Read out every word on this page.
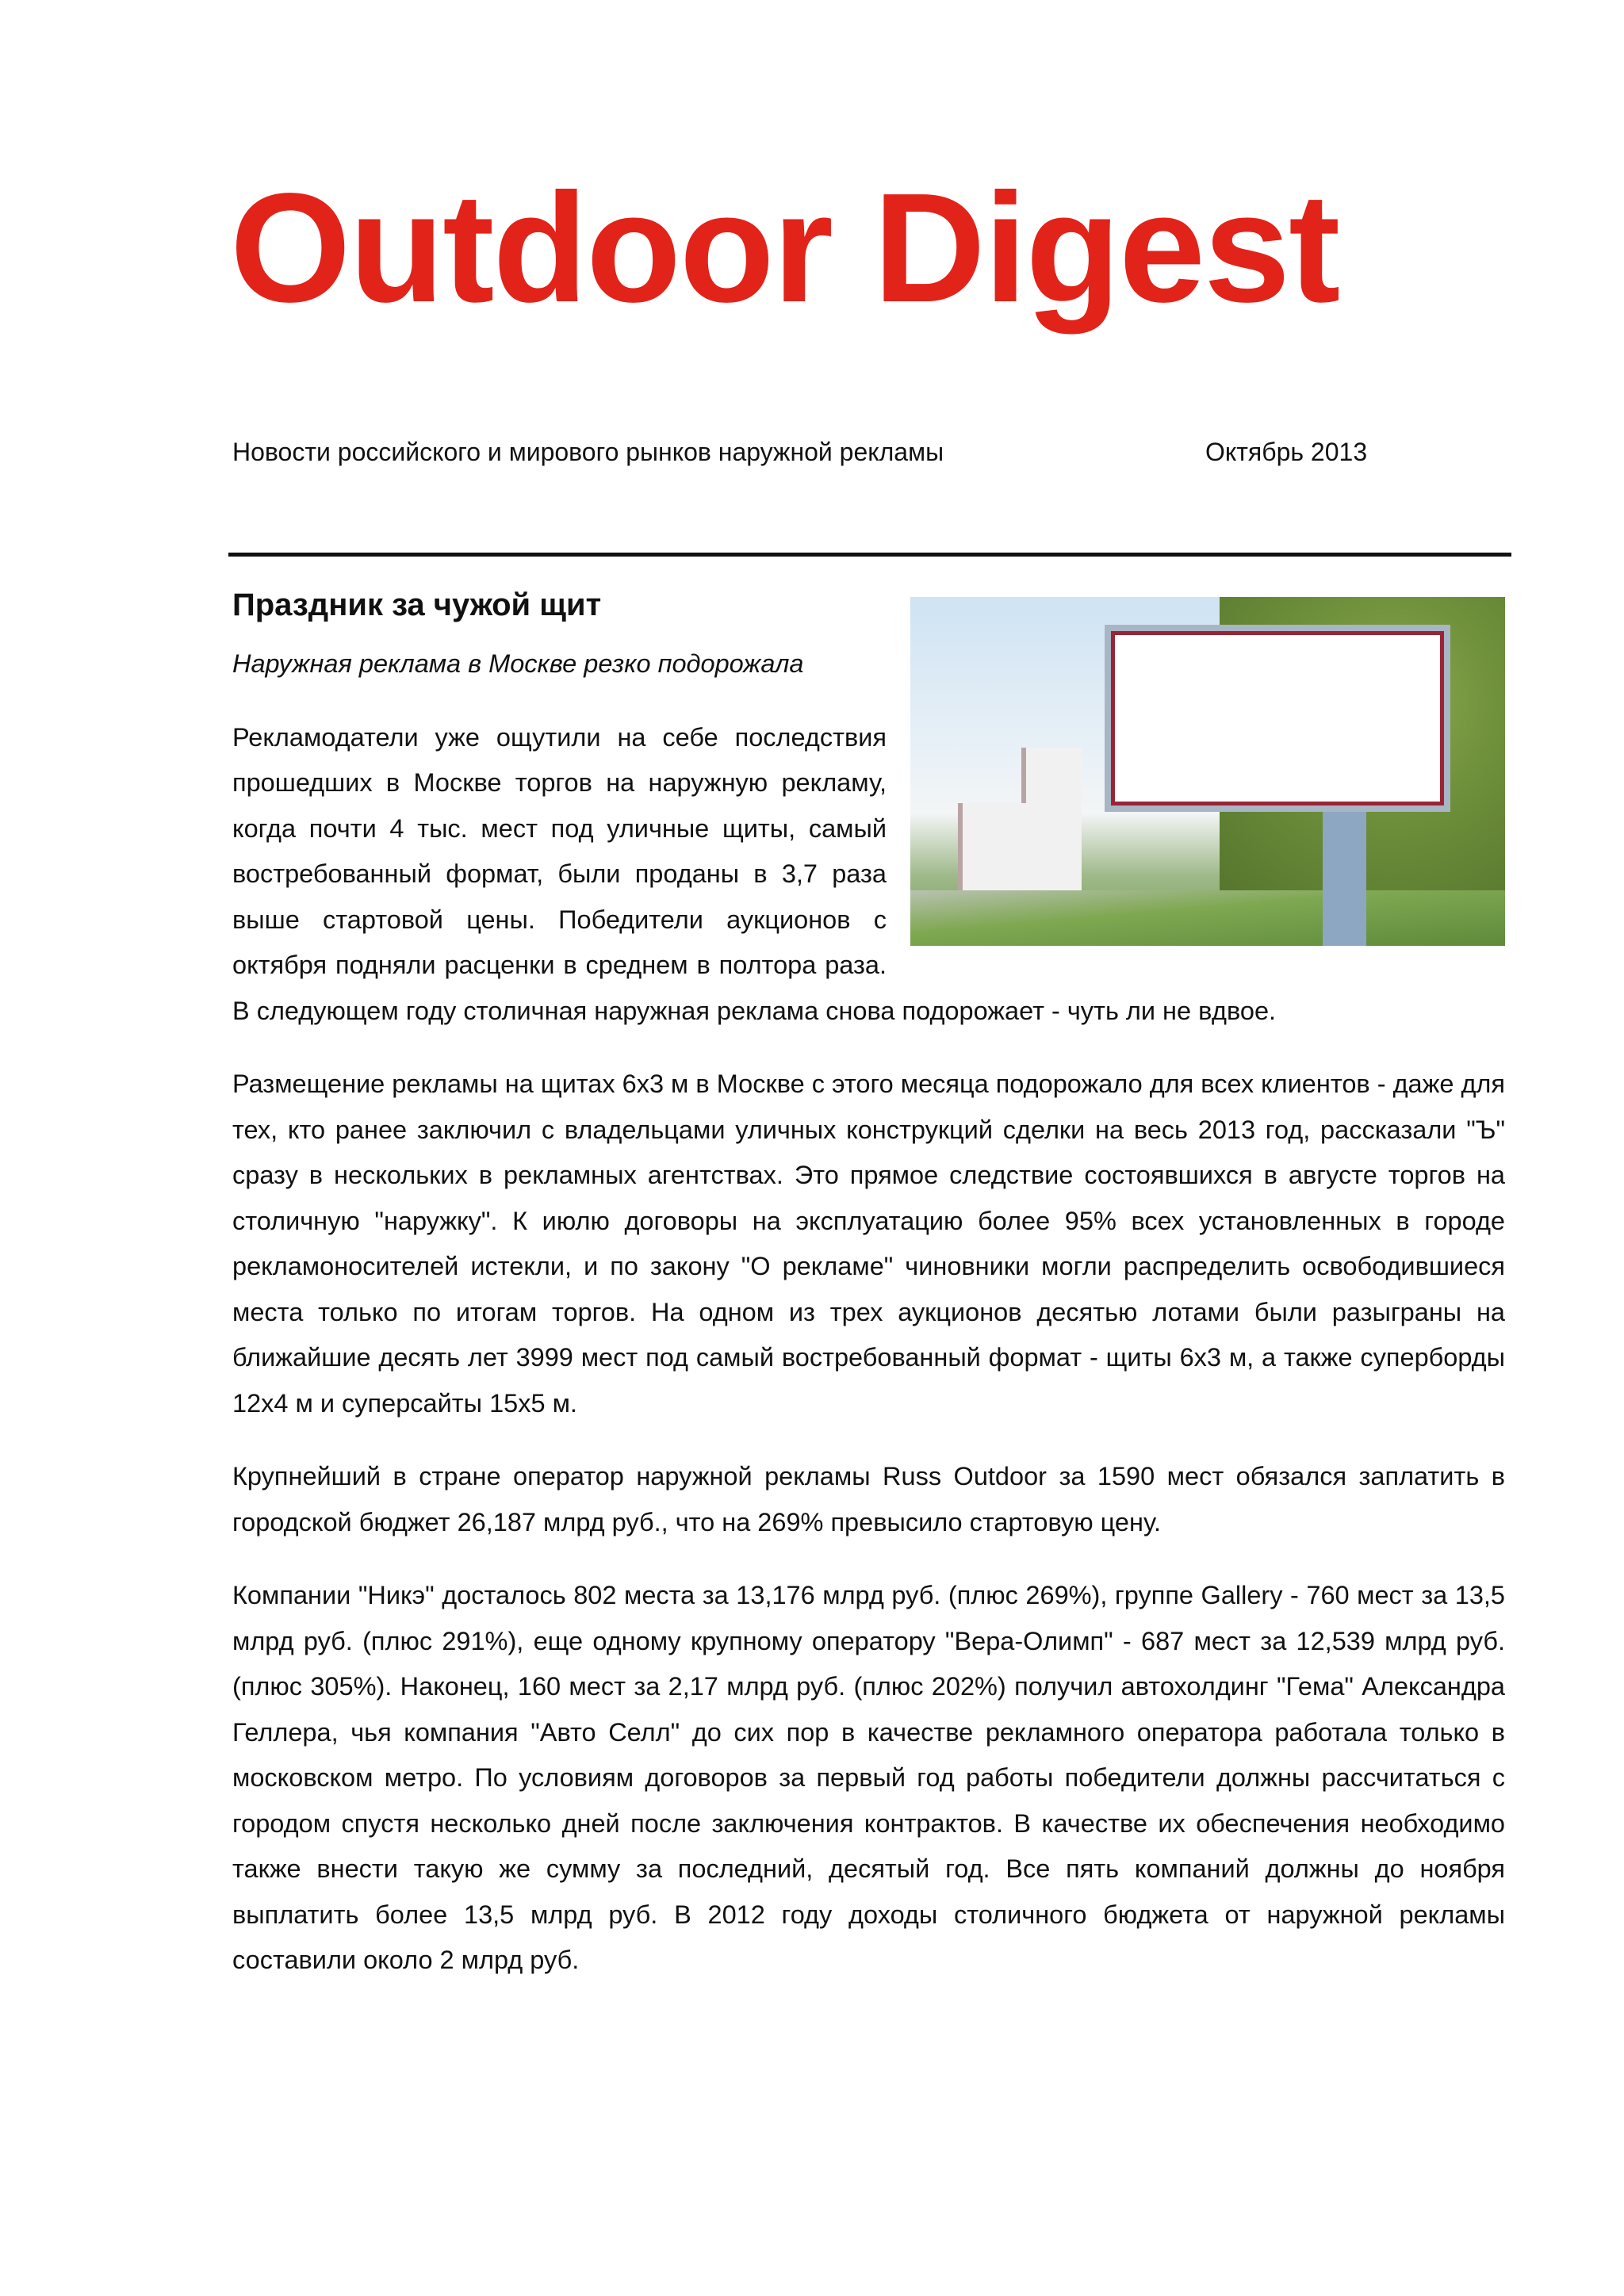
Outdoor Digest
Новости российского и мирового рынков наружной рекламы	Октябрь 2013
Праздник за чужой щит

Наружная реклама в Москве резко подорожала

Рекламодатели уже ощутили на себе последствия прошедших в Москве торгов на наружную рекламу, когда почти 4 тыс. мест под уличные щиты, самый востребованный формат, были проданы в 3,7 раза выше стартовой цены. Победители аукционов с октября подняли расценки в среднем в полтора раза. В следующем году столичная наружная реклама снова подорожает - чуть ли не вдвое.

Размещение рекламы на щитах 6х3 м в Москве с этого месяца подорожало для всех клиентов - даже для тех, кто ранее заключил с владельцами уличных конструкций сделки на весь 2013 год, рассказали "Ъ" сразу в нескольких в рекламных агентствах. Это прямое следствие состоявшихся в августе торгов на столичную "наружку". К июлю договоры на эксплуатацию более 95% всех установленных в городе рекламоносителей истекли, и по закону "О рекламе" чиновники могли распределить освободившиеся места только по итогам торгов. На одном из трех аукционов десятью лотами были разыграны на ближайшие десять лет 3999 мест под самый востребованный формат - щиты 6х3 м, а также суперборды 12х4 м и суперсайты 15х5 м.

Крупнейший в стране оператор наружной рекламы Russ Outdoor за 1590 мест обязался заплатить в городской бюджет 26,187 млрд руб., что на 269% превысило стартовую цену.

Компании "Никэ" досталось 802 места за 13,176 млрд руб. (плюс 269%), группе Gallery - 760 мест за 13,5 млрд руб. (плюс 291%), еще одному крупному оператору "Вера-Олимп" - 687 мест за 12,539 млрд руб. (плюс 305%). Наконец, 160 мест за 2,17 млрд руб. (плюс 202%) получил автохолдинг "Гема" Александра Геллера, чья компания "Авто Селл" до сих пор в качестве рекламного оператора работала только в московском метро. По условиям договоров за первый год работы победители должны рассчитаться с городом спустя несколько дней после заключения контрактов. В качестве их обеспечения необходимо также внести такую же сумму за последний, десятый год. Все пять компаний должны до ноября выплатить более 13,5 млрд руб. В 2012 году доходы столичного бюджета от наружной рекламы составили около 2 млрд руб.
